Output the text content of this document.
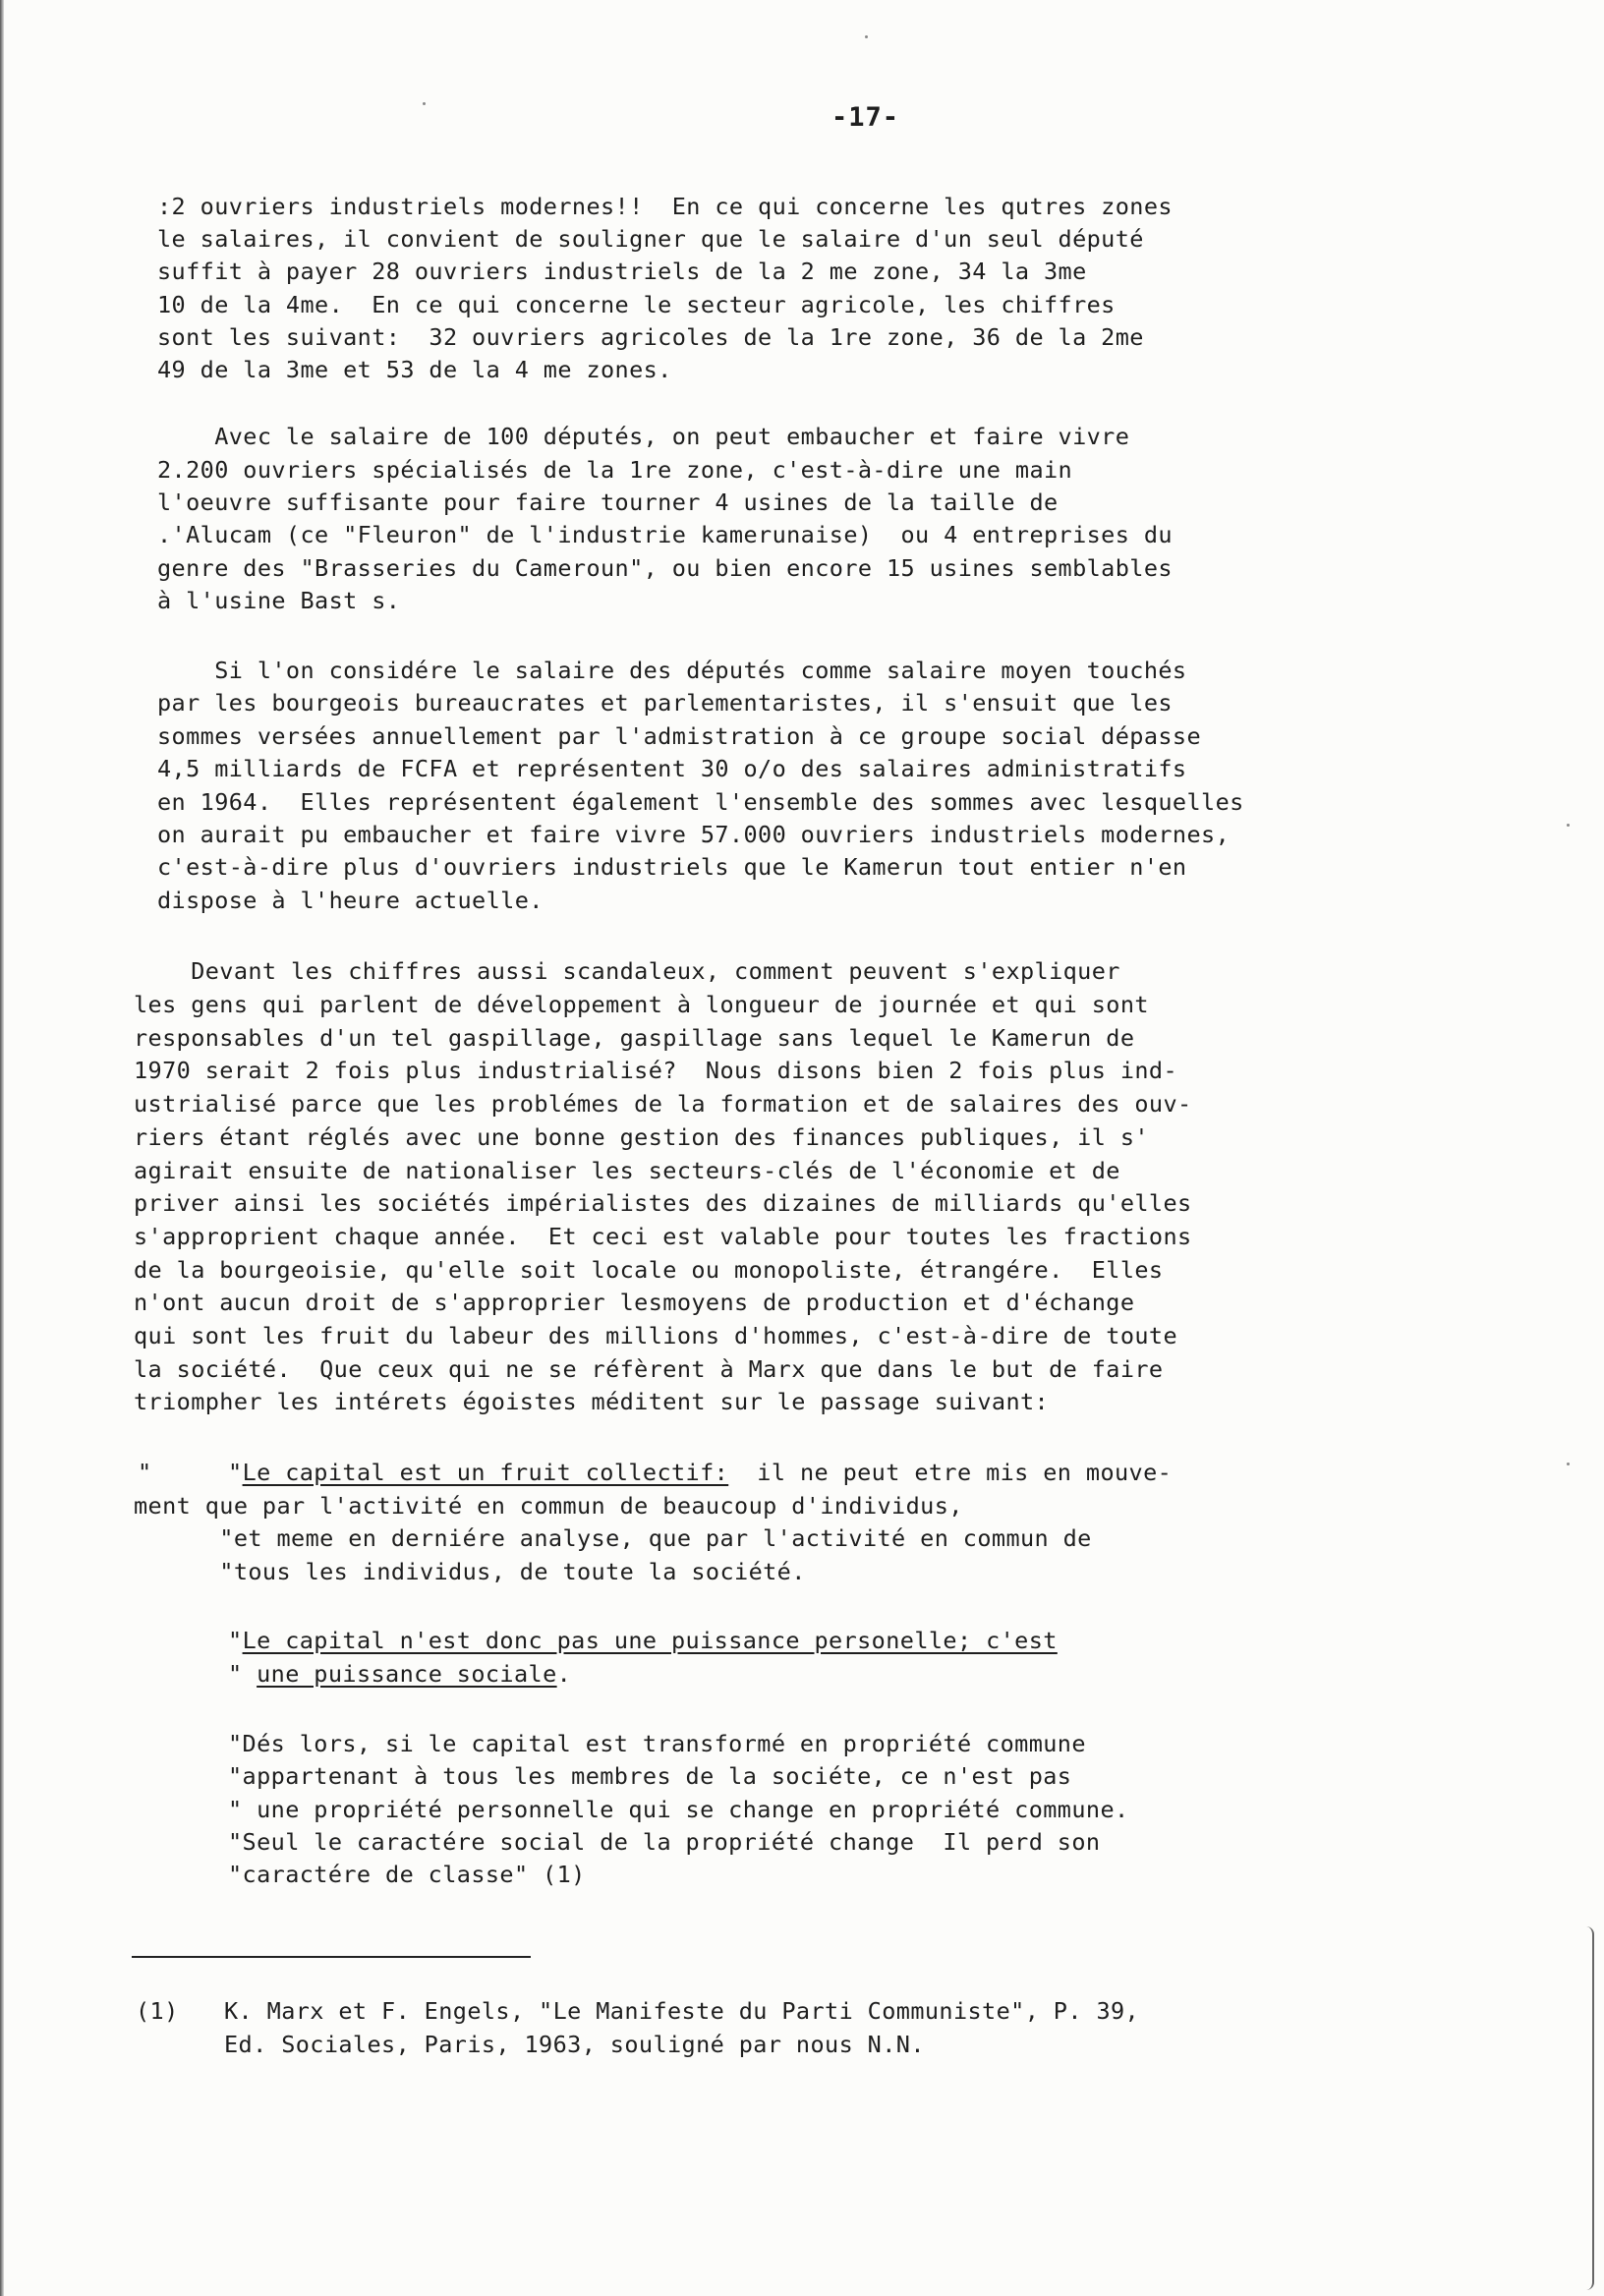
-17-
:2 ouvriers industriels modernes!!  En ce qui concerne les qutres zones
le salaires, il convient de souligner que le salaire d'un seul député
suffit à payer 28 ouvriers industriels de la 2 me zone, 34 la 3me
10 de la 4me.  En ce qui concerne le secteur agricole, les chiffres
sont les suivant:  32 ouvriers agricoles de la 1re zone, 36 de la 2me
49 de la 3me et 53 de la 4 me zones.
Avec le salaire de 100 députés, on peut embaucher et faire vivre
2.200 ouvriers spécialisés de la 1re zone, c'est-à-dire une main
l'oeuvre suffisante pour faire tourner 4 usines de la taille de
.'Alucam (ce "Fleuron" de l'industrie kamerunaise)  ou 4 entreprises du
genre des "Brasseries du Cameroun", ou bien encore 15 usines semblables
à l'usine Bast s.
Si l'on considére le salaire des députés comme salaire moyen touchés
par les bourgeois bureaucrates et parlementaristes, il s'ensuit que les
sommes versées annuellement par l'admistration à ce groupe social dépasse
4,5 milliards de FCFA et représentent 30 o/o des salaires administratifs
en 1964.  Elles représentent également l'ensemble des sommes avec lesquelles
on aurait pu embaucher et faire vivre 57.000 ouvriers industriels modernes,
c'est-à-dire plus d'ouvriers industriels que le Kamerun tout entier n'en
dispose à l'heure actuelle.
Devant les chiffres aussi scandaleux, comment peuvent s'expliquer
les gens qui parlent de développement à longueur de journée et qui sont
responsables d'un tel gaspillage, gaspillage sans lequel le Kamerun de
1970 serait 2 fois plus industrialisé?  Nous disons bien 2 fois plus ind-
ustrialisé parce que les problémes de la formation et de salaires des ouv-
riers étant réglés avec une bonne gestion des finances publiques, il s'
agirait ensuite de nationaliser les secteurs-clés de l'économie et de
priver ainsi les sociétés impérialistes des dizaines de milliards qu'elles
s'approprient chaque année.  Et ceci est valable pour toutes les fractions
de la bourgeoisie, qu'elle soit locale ou monopoliste, étrangére.  Elles
n'ont aucun droit de s'approprier lesmoyens de production et d'échange
qui sont les fruit du labeur des millions d'hommes, c'est-à-dire de toute
la société.  Que ceux qui ne se réfèrent à Marx que dans le but de faire
triompher les intérets égoistes méditent sur le passage suivant:
"	"Le capital est un fruit collectif:  il ne peut etre mis en mouve-
ment que par l'activité en commun de beaucoup d'individus,
"et meme en derniére analyse, que par l'activité en commun de
"tous les individus, de toute la société.
"Le capital n'est donc pas une puissance personelle; c'est
" une puissance sociale.
"Dés lors, si le capital est transformé en propriété commune
"appartenant à tous les membres de la sociéte, ce n'est pas
" une propriété personnelle qui se change en propriété commune.
"Seul le caractére social de la propriété change  Il perd son
"caractére de classe" (1)
(1) K. Marx et F. Engels, "Le Manifeste du Parti Communiste", P. 39,
Ed. Sociales, Paris, 1963, souligné par nous N.N.
